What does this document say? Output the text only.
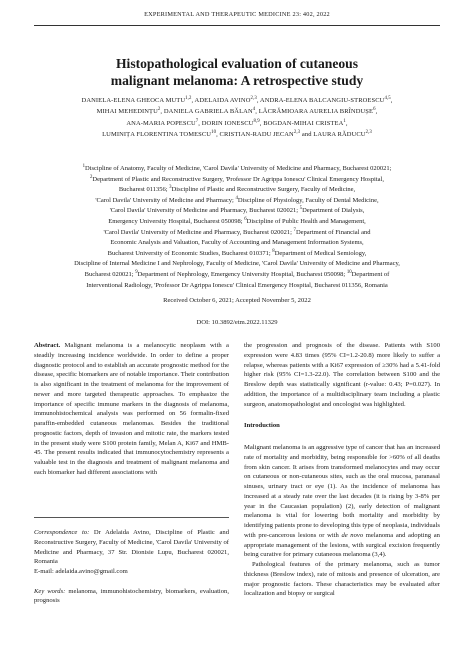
EXPERIMENTAL AND THERAPEUTIC MEDICINE 23: 402, 2022
Histopathological evaluation of cutaneous
malignant melanoma: A retrospective study
DANIELA-ELENA GHEOCA MUTU$^{1,2}$, ADELAIDA AVINO$^{2,3}$, ANDRA-ELENA BALCANGIU-STROESCU$^{4,5}$,
MIHAI MEHEDINȚU$^2$, DANIELA GABRIELA BĂLAN$^4$, LĂCRĂMIOARA AURELIA BRÎNDUȘE$^6$,
ANA-MARIA POPESCU$^7$, DORIN IONESCU$^{8,9}$, BOGDAN-MIHAI CRISTEA$^1$,
LUMINIȚA FLORENTINA TOMESCU$^{10}$, CRISTIAN-RADU JECAN$^{2,3}$ and LAURA RĂDUCU$^{2,3}$
$^1$Discipline of Anatomy, Faculty of Medicine, 'Carol Davila' University of Medicine and Pharmacy, Bucharest 020021;
$^2$Department of Plastic and Reconstructive Surgery, 'Professor Dr Agrippa Ionescu' Clinical Emergency Hospital,
Bucharest 011356; $^3$Discipline of Plastic and Reconstructive Surgery, Faculty of Medicine,
'Carol Davila' University of Medicine and Pharmacy; $^4$Discipline of Physiology, Faculty of Dental Medicine,
'Carol Davila' University of Medicine and Pharmacy, Bucharest 020021; $^5$Department of Dialysis,
Emergency University Hospital, Bucharest 050098; $^6$Discipline of Public Health and Management,
'Carol Davila' University of Medicine and Pharmacy, Bucharest 020021; $^7$Department of Financial and
Economic Analysis and Valuation, Faculty of Accounting and Management Information Systems,
Bucharest University of Economic Studies, Bucharest 010371; $^8$Department of Medical Semiology,
Discipline of Internal Medicine I and Nephrology, Faculty of Medicine, 'Carol Davila' University of Medicine and Pharmacy,
Bucharest 020021; $^9$Department of Nephrology, Emergency University Hospital, Bucharest 050098; $^{10}$Department of
Interventional Radiology, 'Professor Dr Agrippa Ionescu' Clinical Emergency Hospital, Bucharest 011356, Romania
Received October 6, 2021; Accepted November 5, 2022
DOI: 10.3892/etm.2022.11329

Abstract. Malignant melanoma is a melanocytic neoplasm with a steadily increasing incidence worldwide. In order to define a proper diagnostic protocol and to establish an accurate prognostic method for the disease, specific biomarkers are of notable importance. Their contribution is also significant in the treatment of melanoma for the improvement of newer and more targeted therapeutic approaches. To emphasize the importance of specific immune markers in the diagnosis of melanoma, immunohistochemical analysis was performed on 56 formalin-fixed paraffin-embedded cutaneous melanomas. Besides the traditional prognostic factors, depth of invasion and mitotic rate, the markers tested in the present study were S100 protein family, Melan A, Ki67 and HMB-45. The present results indicated that immunocytochemistry represents a valuable test in the diagnosis and treatment of malignant melanoma and each biomarker had different associations with

Correspondence to: Dr Adelaida Avino, Discipline of Plastic and Reconstructive Surgery, Faculty of Medicine, 'Carol Davila' University of Medicine and Pharmacy, 37 Str. Dionisie Lupu, Bucharest 020021, Romania

E-mail: adelaida.avino@gmail.com

Key words: melanoma, immunohistochemistry, biomarkers, evaluation, prognosis

the progression and prognosis of the disease. Patients with S100 expression were 4.83 times (95% CI=1.2-20.8) more likely to suffer a relapse, whereas patients with a Ki67 expression of ≥30% had a 5.41-fold higher risk (95% CI=1.3-22.0). The correlation between S100 and the Breslow depth was statistically significant (r-value: 0.43; P=0.027). In addition, the importance of a multidisciplinary team including a plastic surgeon, anatomopathologist and oncologist was highlighted.

Introduction

Malignant melanoma is an aggressive type of cancer that has an increased rate of mortality and morbidity, being responsible for >60% of all deaths from skin cancer. It arises from transformed melanocytes and may occur on cutaneous or non-cutaneous sites, such as the oral mucosa, paranasal sinuses, urinary tract or eye (1). As the incidence of melanoma has increased at a steady rate over the last decades (it is rising by 3-8% per year in the Caucasian population) (2), early detection of malignant melanoma is vital for lowering both mortality and morbidity by identifying patients prone to developing this type of neoplasia, individuals with pre-cancerous lesions or with de novo melanoma and adopting an appropriate management of the lesions, with surgical excision frequently being curative for primary cutaneous melanoma (3,4).

Pathological features of the primary melanoma, such as tumor thickness (Breslow index), rate of mitosis and presence of ulceration, are major prognostic factors. These characteristics may be evaluated after localization and biopsy or surgical
